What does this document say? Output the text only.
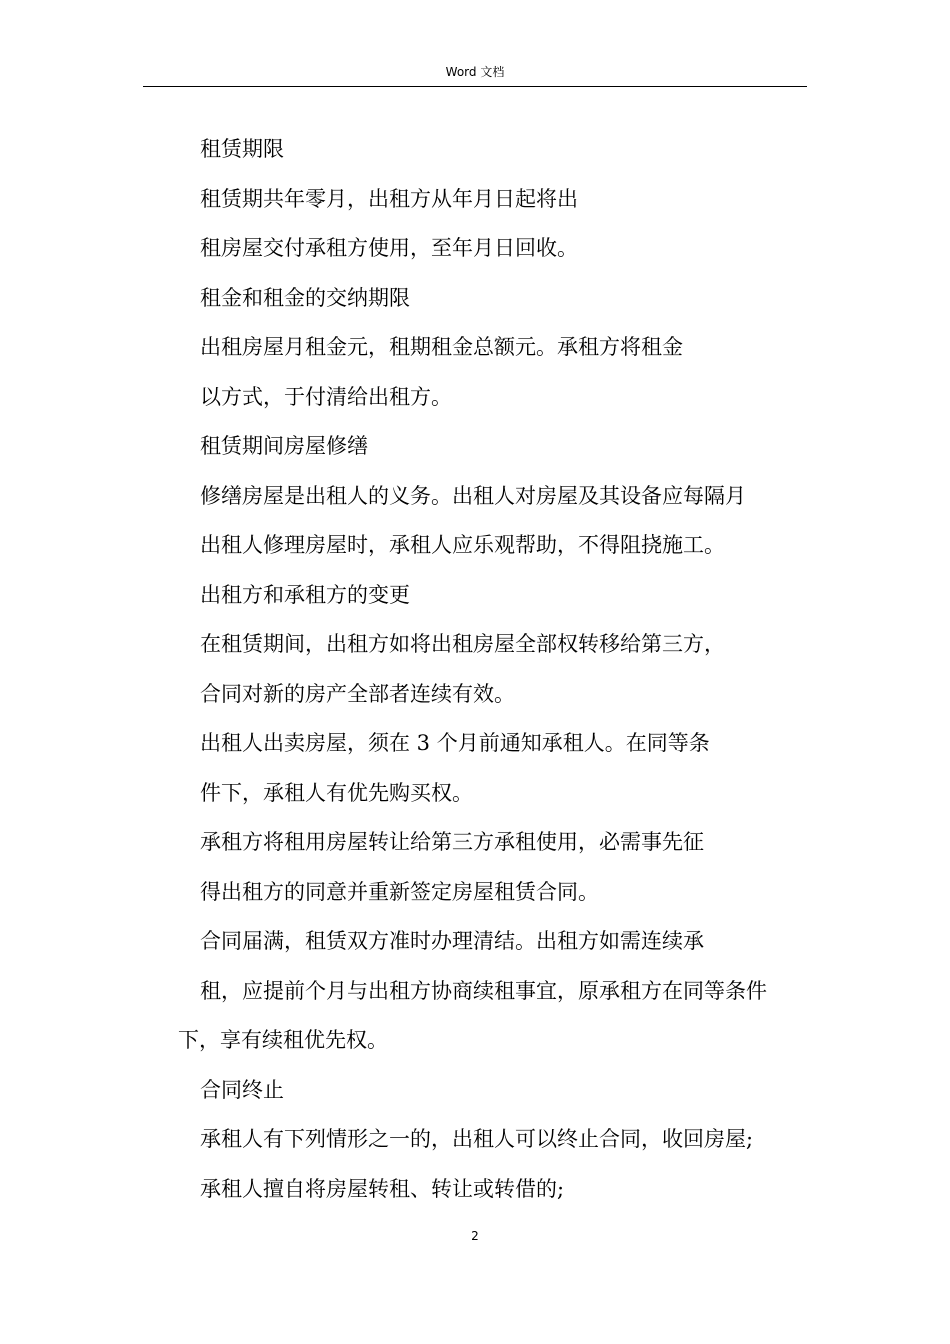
Word 文档
租赁期限
租赁期共年零月，出租方从年月日起将出
租房屋交付承租方使用，至年月日回收。
租金和租金的交纳期限
出租房屋月租金元，租期租金总额元。承租方将租金
以方式，于付清给出租方。
租赁期间房屋修缮
修缮房屋是出租人的义务。出租人对房屋及其设备应每隔月
出租人修理房屋时，承租人应乐观帮助，不得阻挠施工。
出租方和承租方的变更
在租赁期间，出租方如将出租房屋全部权转移给第三方，
合同对新的房产全部者连续有效。
出租人出卖房屋，须在 3 个月前通知承租人。在同等条
件下，承租人有优先购买权。
承租方将租用房屋转让给第三方承租使用，必需事先征
得出租方的同意并重新签定房屋租赁合同。
合同届满，租赁双方准时办理清结。出租方如需连续承
租，应提前个月与出租方协商续租事宜，原承租方在同等条件
下，享有续租优先权。
合同终止
承租人有下列情形之一的，出租人可以终止合同，收回房屋;
承租人擅自将房屋转租、转让或转借的;
2
